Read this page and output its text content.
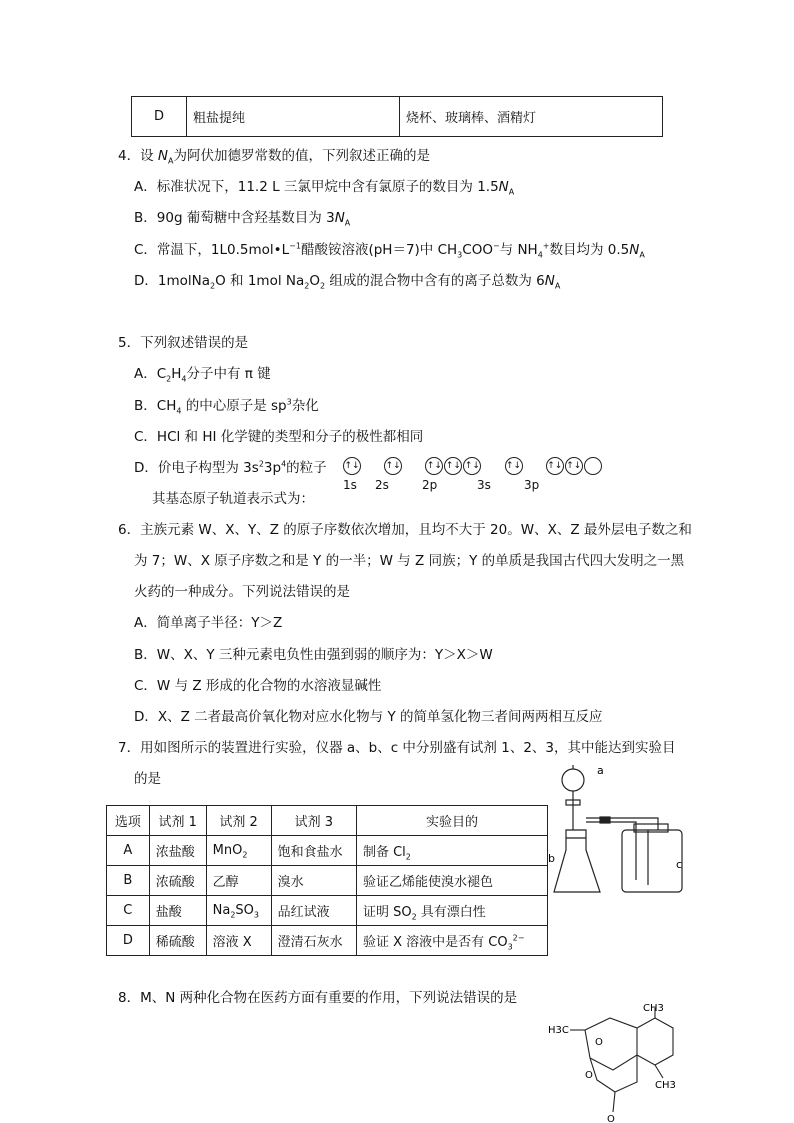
D	粗盐提纯	烧杯、玻璃棒、酒精灯
4．设 $N_A$为阿伏加德罗常数的值，下列叙述正确的是
A．标准状况下，11.2 L 三氯甲烷中含有氯原子的数目为 $1.5N_A$
B．90g 葡萄糖中含羟基数目为 $3N_A$
C．常温下，$1L0.5mol•L^{-1}$醋酸铵溶液(pH＝7)中 $CH_3COO^-$与 $NH_4^+$数目均为 $0.5N_A$
D．1molNa$_2$O 和 1mol $Na_2O_2$ 组成的混合物中含有的离子总数为 $6N_A$
5．下列叙述错误的是
A．$C_2H_4$分子中有 π 键
B．$CH_4$ 的中心原子是 $sp^3$杂化
C．HCl 和 HI 化学键的类型和分子的极性都相同
D．价电子构型为 $3s^23p^4$的粒子
其基态原子轨道表示式为：
↑↓	↑↓	↑↓ ↑↓ ↑↓	↑↓	↑↓ ↑↓
1s 2s	2p	3s	3p
6．主族元素 W、X、Y、Z 的原子序数依次增加，且均不大于 20。W、X、Z 最外层电子数之和
为 7；W、X 原子序数之和是 Y 的一半；W 与 Z 同族；Y 的单质是我国古代四大发明之一黑
火药的一种成分。下列说法错误的是
A．简单离子半径：Y＞Z
B．W、X、Y 三种元素电负性由强到弱的顺序为：Y＞X＞W
C．W 与 Z 形成的化合物的水溶液显碱性
D．X、Z 二者最高价氧化物对应水化物与 Y 的简单氢化物三者间两两相互反应
7．用如图所示的装置进行实验，仪器 a、b、c 中分别盛有试剂 1、2、3，其中能达到实验目
的是
选项	试剂 1	试剂 2	试剂 3	实验目的
A	浓盐酸	MnO$_2$	饱和食盐水	制备 $Cl_2$
B	浓硫酸	乙醇	溴水	验证乙烯能使溴水褪色
C	盐酸	$Na_2SO_3$	品红试液	证明 $SO_2$ 具有漂白性
D	稀硫酸	溶液 X	澄清石灰水	验证 X 溶液中是否有 $CO_3^{2-}$
a
b	c
8．M、N 两种化合物在医药方面有重要的作用，下列说法错误的是
CH3
H3C
CH3
O
O
O
